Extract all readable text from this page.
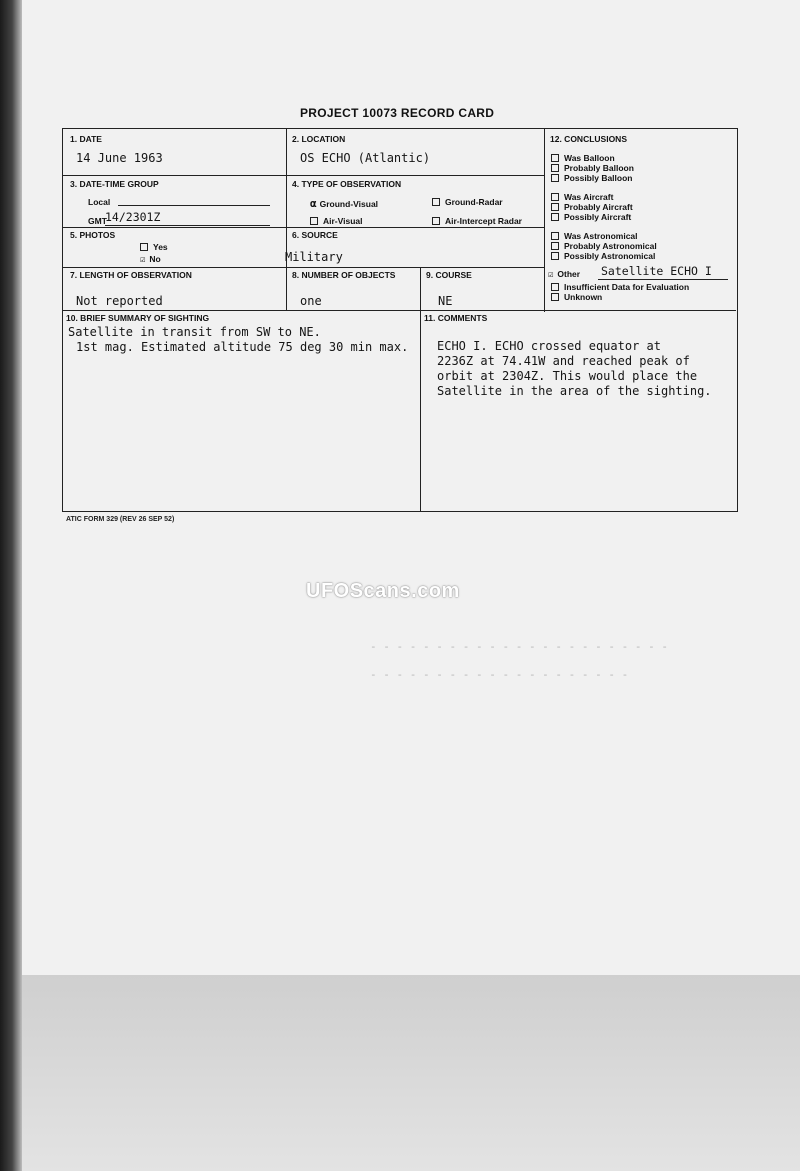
- - - - - - - - - - - - - - - - - - - - - - -
- - - - - - - - - - - - - - - - - - - -
PROJECT 10073 RECORD CARD
1. DATE
14 June 1963
2. LOCATION
OS ECHO (Atlantic)
3. DATE-TIME GROUP
Local
GMT
14/2301Z
4. TYPE OF OBSERVATION
α Ground-Visual	Ground-Radar
Air-Visual	Air-Intercept Radar
5. PHOTOS
Yes
☑ No
6. SOURCE
Military
7. LENGTH OF OBSERVATION
Not reported
8. NUMBER OF OBJECTS
one
9. COURSE
NE
10. BRIEF SUMMARY OF SIGHTING
Satellite in transit from SW to NE.
1st mag. Estimated altitude 75 deg 30 min max.
11. COMMENTS
ECHO I. ECHO crossed equator at
2236Z at 74.41W and reached peak of
orbit at 2304Z. This would place the
Satellite in the area of the sighting.
12. CONCLUSIONS
Was Balloon
Probably Balloon
Possibly Balloon
Was Aircraft
Probably Aircraft
Possibly Aircraft
Was Astronomical
Probably Astronomical
Possibly Astronomical
☑ Other Satellite ECHO I
Insufficient Data for Evaluation
Unknown
ATIC FORM 329 (REV 26 SEP 52)
UFOScans.com
